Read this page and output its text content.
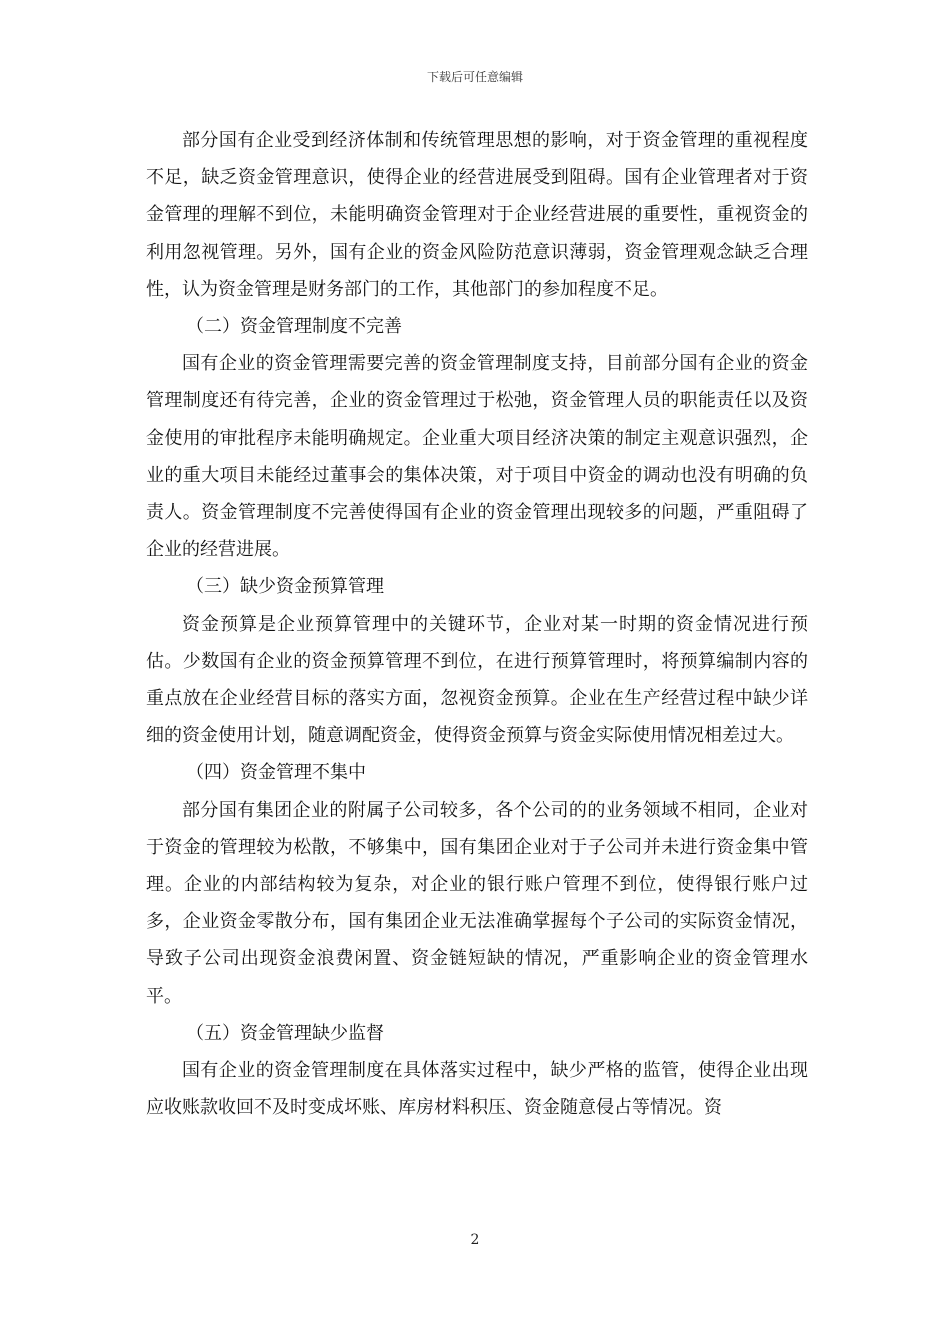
下载后可任意编辑

部分国有企业受到经济体制和传统管理思想的影响，对于资金管理的重视程度不足，缺乏资金管理意识，使得企业的经营进展受到阻碍。国有企业管理者对于资金管理的理解不到位，未能明确资金管理对于企业经营进展的重要性，重视资金的利用忽视管理。另外，国有企业的资金风险防范意识薄弱，资金管理观念缺乏合理性，认为资金管理是财务部门的工作，其他部门的参加程度不足。

（二）资金管理制度不完善

国有企业的资金管理需要完善的资金管理制度支持，目前部分国有企业的资金管理制度还有待完善，企业的资金管理过于松弛，资金管理人员的职能责任以及资金使用的审批程序未能明确规定。企业重大项目经济决策的制定主观意识强烈，企业的重大项目未能经过董事会的集体决策，对于项目中资金的调动也没有明确的负责人。资金管理制度不完善使得国有企业的资金管理出现较多的问题，严重阻碍了企业的经营进展。

（三）缺少资金预算管理

资金预算是企业预算管理中的关键环节，企业对某一时期的资金情况进行预估。少数国有企业的资金预算管理不到位，在进行预算管理时，将预算编制内容的重点放在企业经营目标的落实方面，忽视资金预算。企业在生产经营过程中缺少详细的资金使用计划，随意调配资金，使得资金预算与资金实际使用情况相差过大。

（四）资金管理不集中

部分国有集团企业的附属子公司较多，各个公司的的业务领域不相同，企业对于资金的管理较为松散，不够集中，国有集团企业对于子公司并未进行资金集中管理。企业的内部结构较为复杂，对企业的银行账户管理不到位，使得银行账户过多，企业资金零散分布，国有集团企业无法准确掌握每个子公司的实际资金情况，导致子公司出现资金浪费闲置、资金链短缺的情况，严重影响企业的资金管理水平。

（五）资金管理缺少监督

国有企业的资金管理制度在具体落实过程中，缺少严格的监管，使得企业出现应收账款收回不及时变成坏账、库房材料积压、资金随意侵占等情况。资

2
